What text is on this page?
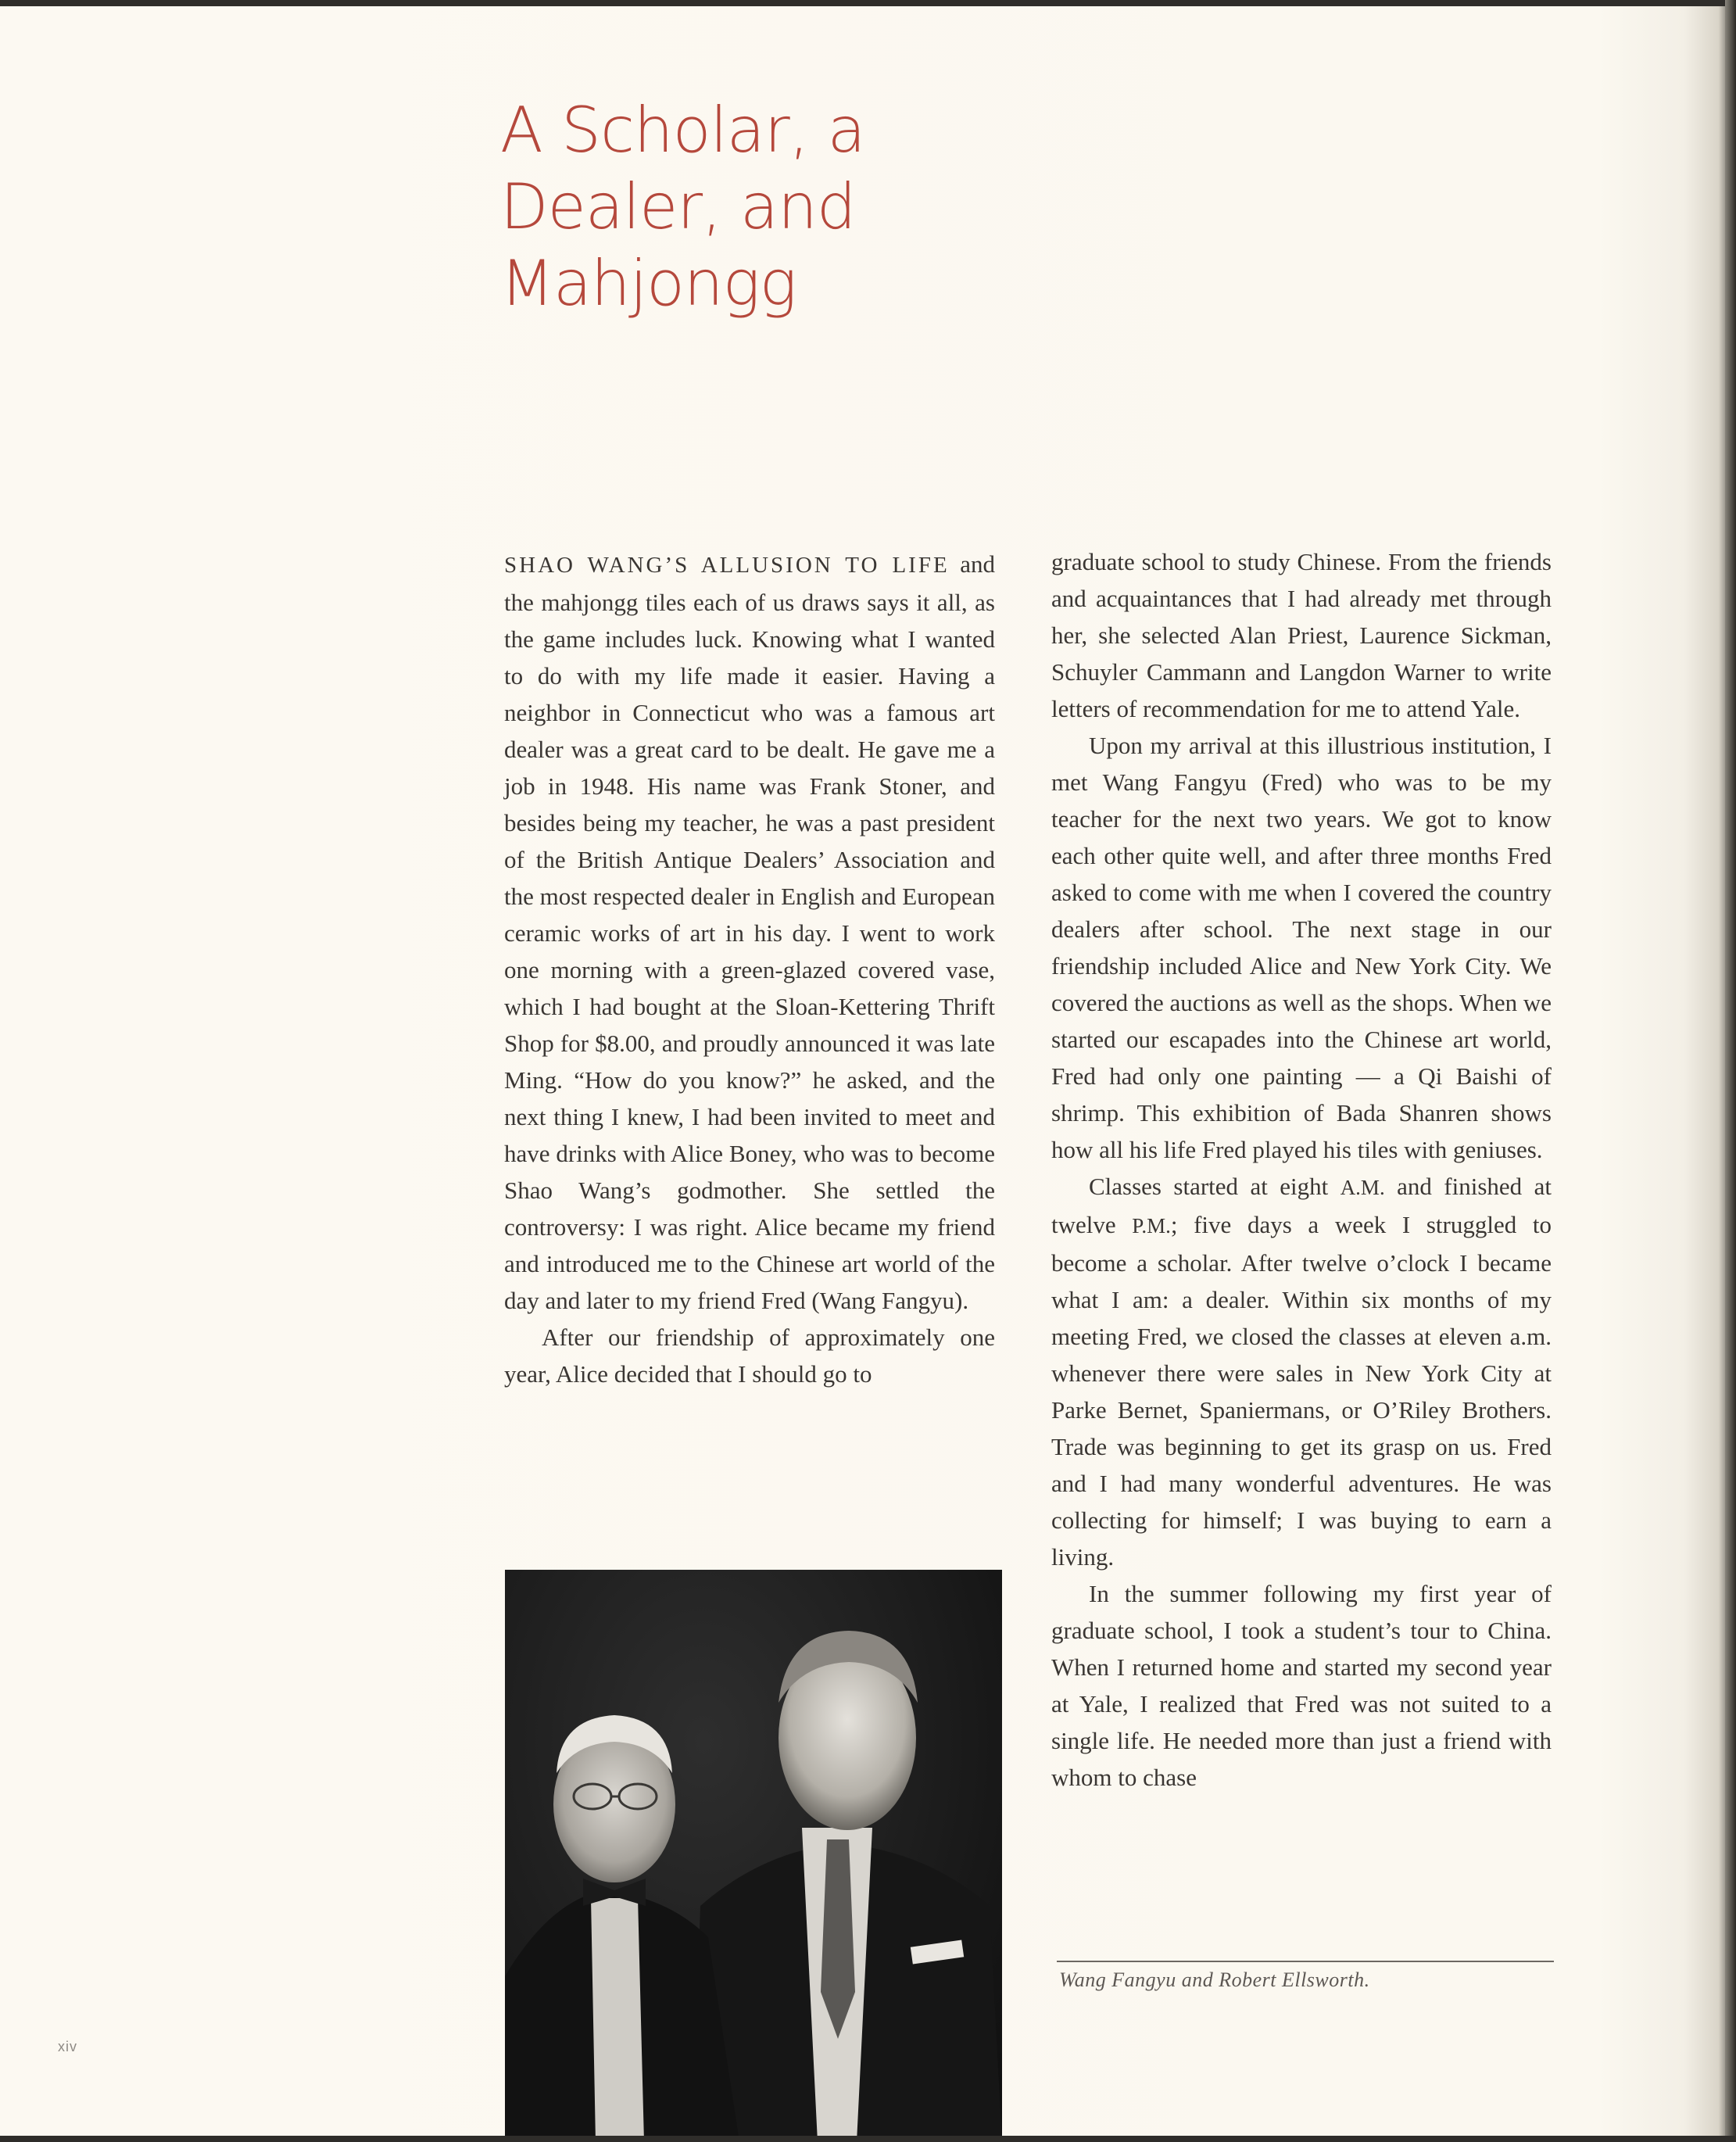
A Scholar, a
Dealer, and
Mahjongg

SHAO WANG’S ALLUSION TO LIFE and the mahjongg tiles each of us draws says it all, as the game includes luck. Knowing what I wanted to do with my life made it easier. Having a neighbor in Connecticut who was a famous art dealer was a great card to be dealt. He gave me a job in 1948. His name was Frank Stoner, and besides being my teacher, he was a past president of the British Antique Dealers’ Association and the most respected dealer in English and European ceramic works of art in his day. I went to work one morning with a green-glazed covered vase, which I had bought at the Sloan-Kettering Thrift Shop for $8.00, and proudly announced it was late Ming. “How do you know?” he asked, and the next thing I knew, I had been invited to meet and have drinks with Alice Boney, who was to become Shao Wang’s godmother. She settled the controversy: I was right. Alice became my friend and introduced me to the Chinese art world of the day and later to my friend Fred (Wang Fangyu).

After our friendship of approximately one year, Alice decided that I should go to

graduate school to study Chinese. From the friends and acquaintances that I had already met through her, she selected Alan Priest, Laurence Sickman, Schuyler Cammann and Langdon Warner to write letters of recommendation for me to attend Yale.

Upon my arrival at this illustrious institution, I met Wang Fangyu (Fred) who was to be my teacher for the next two years. We got to know each other quite well, and after three months Fred asked to come with me when I covered the country dealers after school. The next stage in our friendship included Alice and New York City. We covered the auctions as well as the shops. When we started our escapades into the Chinese art world, Fred had only one painting — a Qi Baishi of shrimp. This exhibition of Bada Shanren shows how all his life Fred played his tiles with geniuses.

Classes started at eight A.M. and finished at twelve P.M.; five days a week I struggled to become a scholar. After twelve o’clock I became what I am: a dealer. Within six months of my meeting Fred, we closed the classes at eleven a.m. whenever there were sales in New York City at Parke Bernet, Spaniermans, or O’Riley Brothers. Trade was beginning to get its grasp on us. Fred and I had many wonderful adventures. He was collecting for himself; I was buying to earn a living.

In the summer following my first year of graduate school, I took a student’s tour to China. When I returned home and started my second year at Yale, I realized that Fred was not suited to a single life. He needed more than just a friend with whom to chase

Wang Fangyu and Robert Ellsworth.
xiv
